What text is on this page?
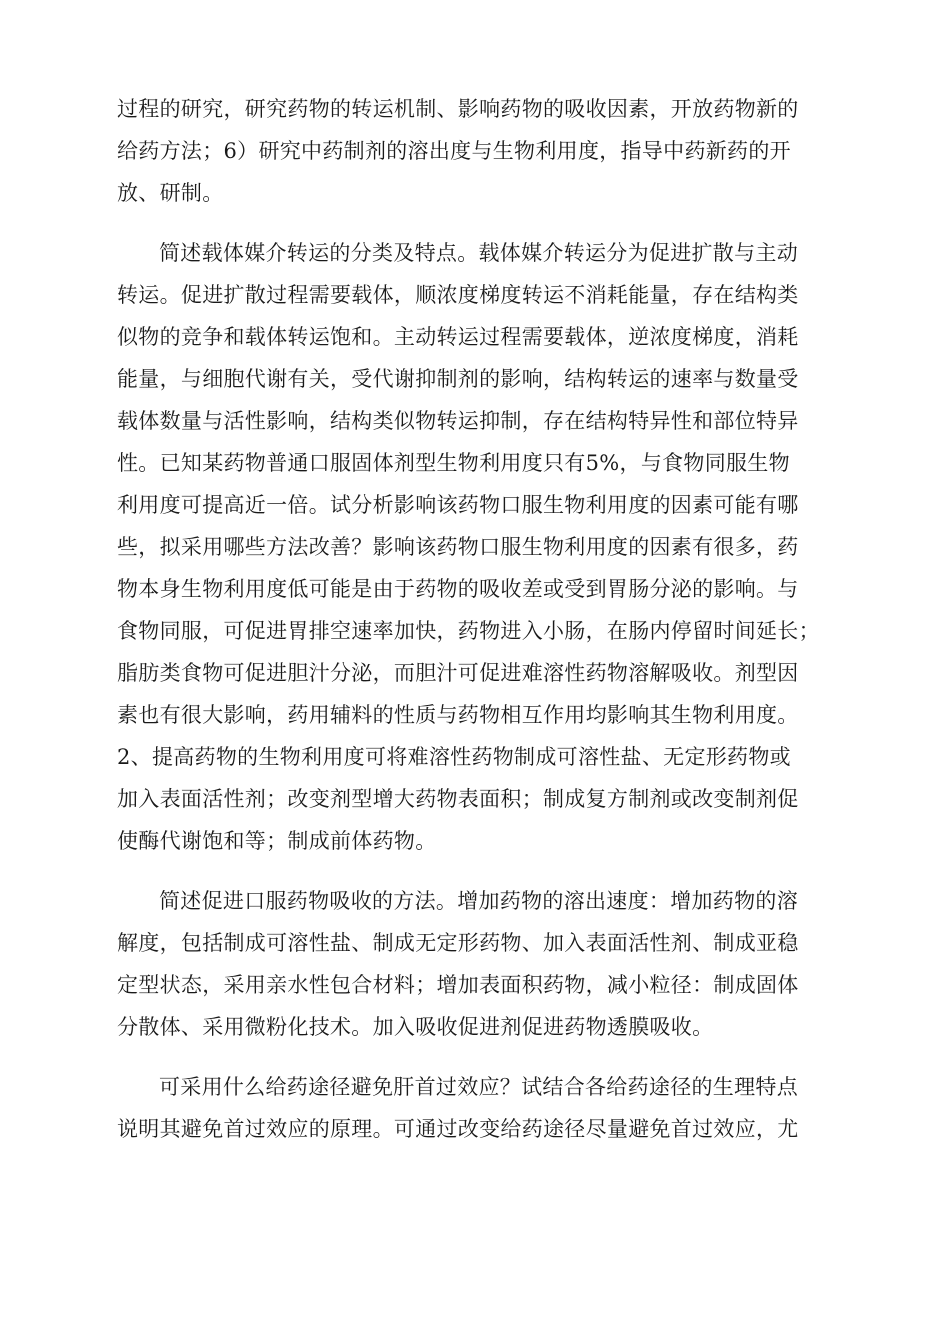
过程的研究，研究药物的转运机制、影响药物的吸收因素，开放药物新的
给药方法；6）研究中药制剂的溶出度与生物利用度，指导中药新药的开
放、研制。
简述载体媒介转运的分类及特点。载体媒介转运分为促进扩散与主动
转运。促进扩散过程需要载体，顺浓度梯度转运不消耗能量，存在结构类
似物的竞争和载体转运饱和。主动转运过程需要载体，逆浓度梯度，消耗
能量，与细胞代谢有关，受代谢抑制剂的影响，结构转运的速率与数量受
载体数量与活性影响，结构类似物转运抑制，存在结构特异性和部位特异
性。已知某药物普通口服固体剂型生物利用度只有5%，与食物同服生物
利用度可提高近一倍。试分析影响该药物口服生物利用度的因素可能有哪
些，拟采用哪些方法改善？影响该药物口服生物利用度的因素有很多，药
物本身生物利用度低可能是由于药物的吸收差或受到胃肠分泌的影响。与
食物同服，可促进胃排空速率加快，药物进入小肠，在肠内停留时间延长；
脂肪类食物可促进胆汁分泌，而胆汁可促进难溶性药物溶解吸收。剂型因
素也有很大影响，药用辅料的性质与药物相互作用均影响其生物利用度。
2、提高药物的生物利用度可将难溶性药物制成可溶性盐、无定形药物或
加入表面活性剂；改变剂型增大药物表面积；制成复方制剂或改变制剂促
使酶代谢饱和等；制成前体药物。
简述促进口服药物吸收的方法。增加药物的溶出速度：增加药物的溶
解度，包括制成可溶性盐、制成无定形药物、加入表面活性剂、制成亚稳
定型状态，采用亲水性包合材料；增加表面积药物，减小粒径：制成固体
分散体、采用微粉化技术。加入吸收促进剂促进药物透膜吸收。
可采用什么给药途径避免肝首过效应？试结合各给药途径的生理特点
说明其避免首过效应的原理。可通过改变给药途径尽量避免首过效应，尤
